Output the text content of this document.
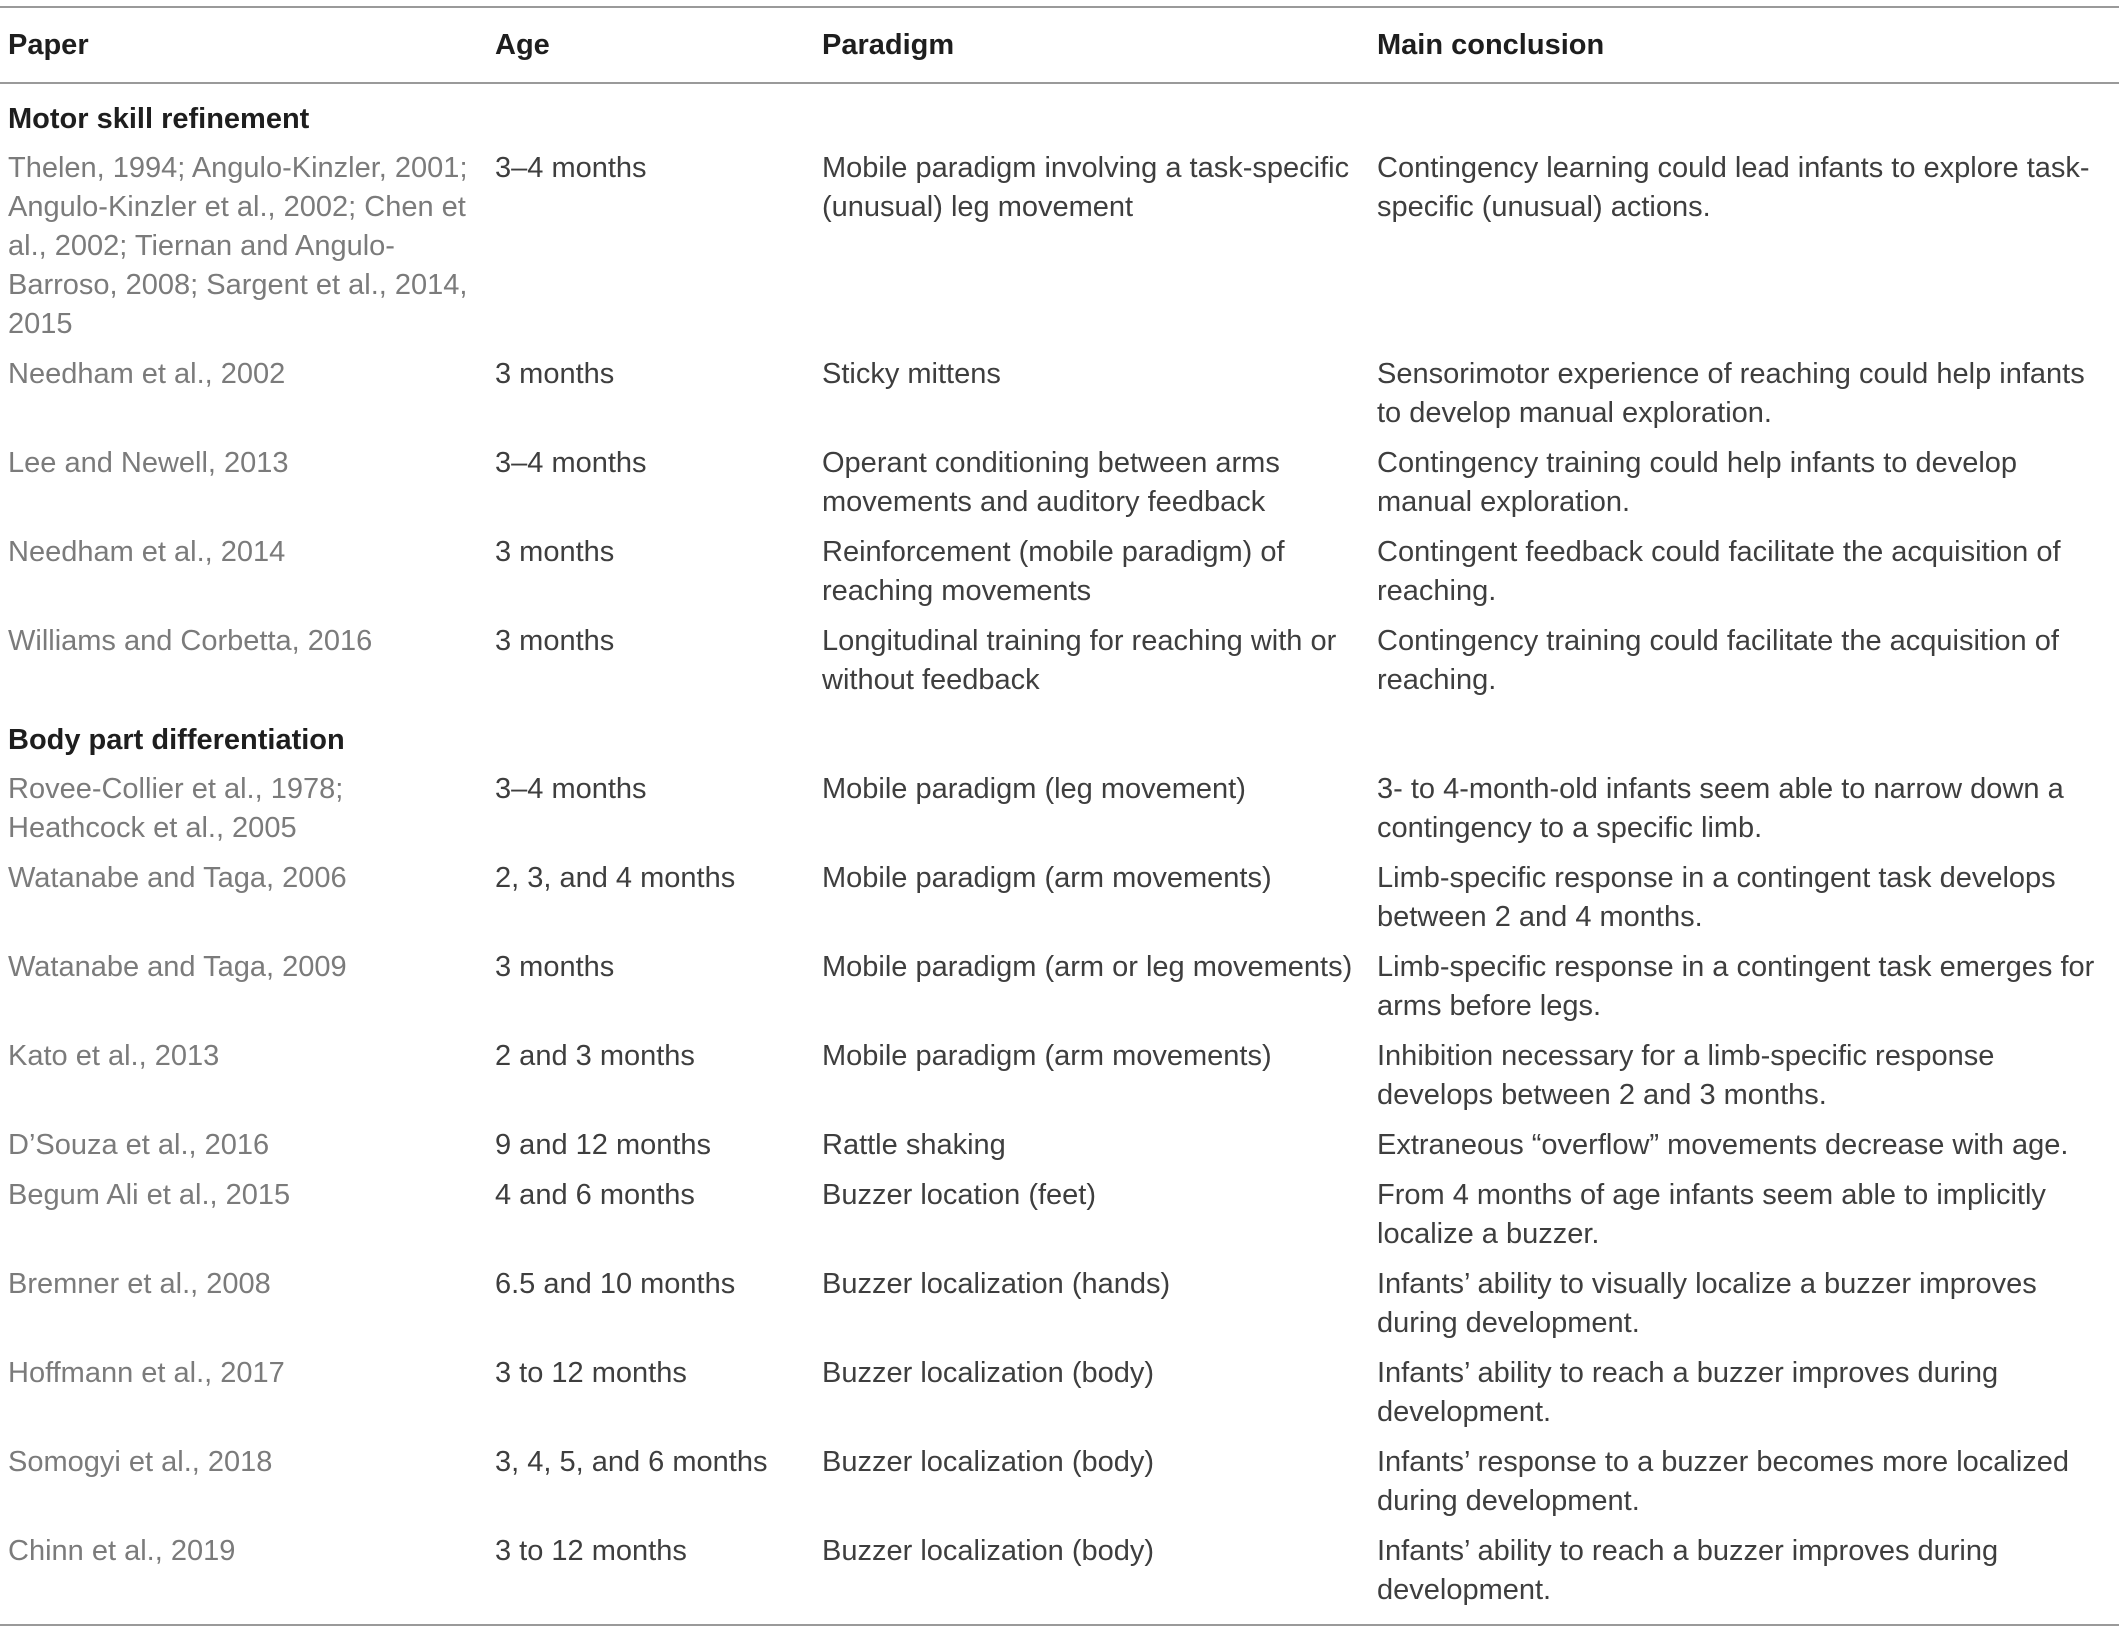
Paper	Age	Paradigm	Main conclusion
Motor skill refinement			
Thelen, 1994; Angulo-Kinzler, 2001; Angulo-Kinzler et al., 2002; Chen et al., 2002; Tiernan and Angulo-Barroso, 2008; Sargent et al., 2014, 2015	3–4 months	Mobile paradigm involving a task-specific (unusual) leg movement	Contingency learning could lead infants to explore task-specific (unusual) actions.
Needham et al., 2002	3 months	Sticky mittens	Sensorimotor experience of reaching could help infants to develop manual exploration.
Lee and Newell, 2013	3–4 months	Operant conditioning between arms movements and auditory feedback	Contingency training could help infants to develop manual exploration.
Needham et al., 2014	3 months	Reinforcement (mobile paradigm) of reaching movements	Contingent feedback could facilitate the acquisition of reaching.
Williams and Corbetta, 2016	3 months	Longitudinal training for reaching with or without feedback	Contingency training could facilitate the acquisition of reaching.
Body part differentiation			
Rovee-Collier et al., 1978; Heathcock et al., 2005	3–4 months	Mobile paradigm (leg movement)	3- to 4-month-old infants seem able to narrow down a contingency to a specific limb.
Watanabe and Taga, 2006	2, 3, and 4 months	Mobile paradigm (arm movements)	Limb-specific response in a contingent task develops between 2 and 4 months.
Watanabe and Taga, 2009	3 months	Mobile paradigm (arm or leg movements)	Limb-specific response in a contingent task emerges for arms before legs.
Kato et al., 2013	2 and 3 months	Mobile paradigm (arm movements)	Inhibition necessary for a limb-specific response develops between 2 and 3 months.
D’Souza et al., 2016	9 and 12 months	Rattle shaking	Extraneous “overflow” movements decrease with age.
Begum Ali et al., 2015	4 and 6 months	Buzzer location (feet)	From 4 months of age infants seem able to implicitly localize a buzzer.
Bremner et al., 2008	6.5 and 10 months	Buzzer localization (hands)	Infants’ ability to visually localize a buzzer improves during development.
Hoffmann et al., 2017	3 to 12 months	Buzzer localization (body)	Infants’ ability to reach a buzzer improves during development.
Somogyi et al., 2018	3, 4, 5, and 6 months	Buzzer localization (body)	Infants’ response to a buzzer becomes more localized during development.
Chinn et al., 2019	3 to 12 months	Buzzer localization (body)	Infants’ ability to reach a buzzer improves during development.
